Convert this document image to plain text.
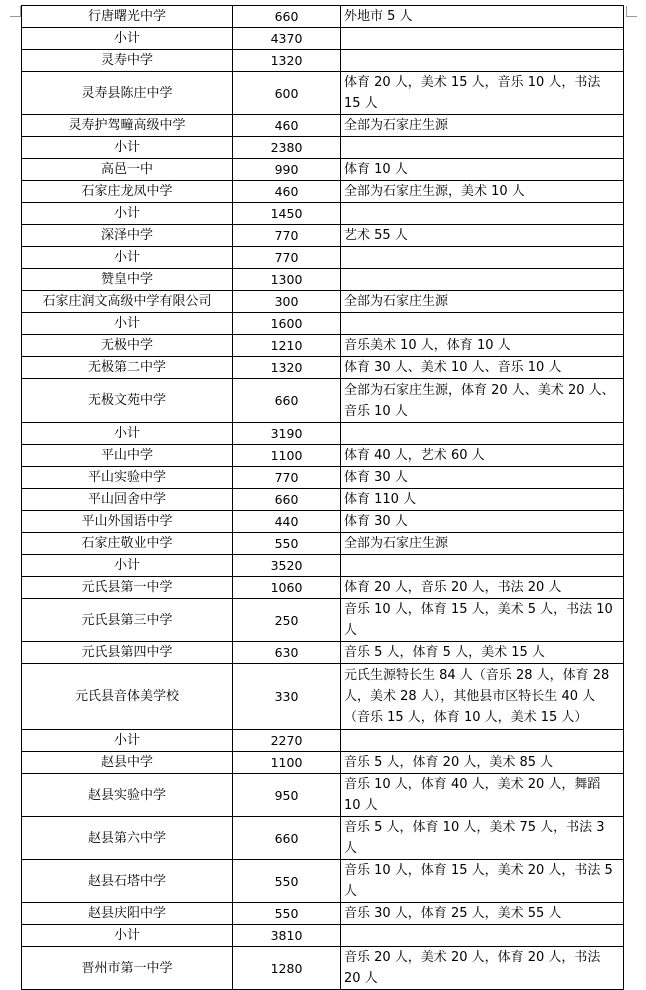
行唐曙光中学	660	外地市 5 人
小计	4370	
灵寿中学	1320	
灵寿县陈庄中学	600	体育 20 人，美术 15 人，音乐 10 人，书法 15 人
灵寿护驾疃高级中学	460	全部为石家庄生源
小计	2380	
高邑一中	990	体育 10 人
石家庄龙凤中学	460	全部为石家庄生源，美术 10 人
小计	1450	
深泽中学	770	艺术 55 人
小计	770	
赞皇中学	1300	
石家庄润文高级中学有限公司	300	全部为石家庄生源
小计	1600	
无极中学	1210	音乐美术 10 人，体育 10 人
无极第二中学	1320	体育 30 人、美术 10 人、音乐 10 人
无极文苑中学	660	全部为石家庄生源，体育 20 人、美术 20 人、音乐 10 人
小计	3190	
平山中学	1100	体育 40 人，艺术 60 人
平山实验中学	770	体育 30 人
平山回舍中学	660	体育 110 人
平山外国语中学	440	体育 30 人
石家庄敬业中学	550	全部为石家庄生源
小计	3520	
元氏县第一中学	1060	体育 20 人，音乐 20 人，书法 20 人
元氏县第三中学	250	音乐 10 人，体育 15 人，美术 5 人，书法 10 人
元氏县第四中学	630	音乐 5 人，体育 5 人，美术 15 人
元氏县音体美学校	330	元氏生源特长生 84 人（音乐 28 人，体育 28 人，美术 28 人），其他县市区特长生 40 人（音乐 15 人，体育 10 人，美术 15 人）
小计	2270	
赵县中学	1100	音乐 5 人，体育 20 人，美术 85 人
赵县实验中学	950	音乐 10 人，体育 40 人，美术 20 人，舞蹈 10 人
赵县第六中学	660	音乐 5 人，体育 10 人，美术 75 人，书法 3 人
赵县石塔中学	550	音乐 10 人，体育 15 人，美术 20 人，书法 5 人
赵县庆阳中学	550	音乐 30 人，体育 25 人，美术 55 人
小计	3810	
晋州市第一中学	1280	音乐 20 人，美术 20 人，体育 20 人，书法 20 人
